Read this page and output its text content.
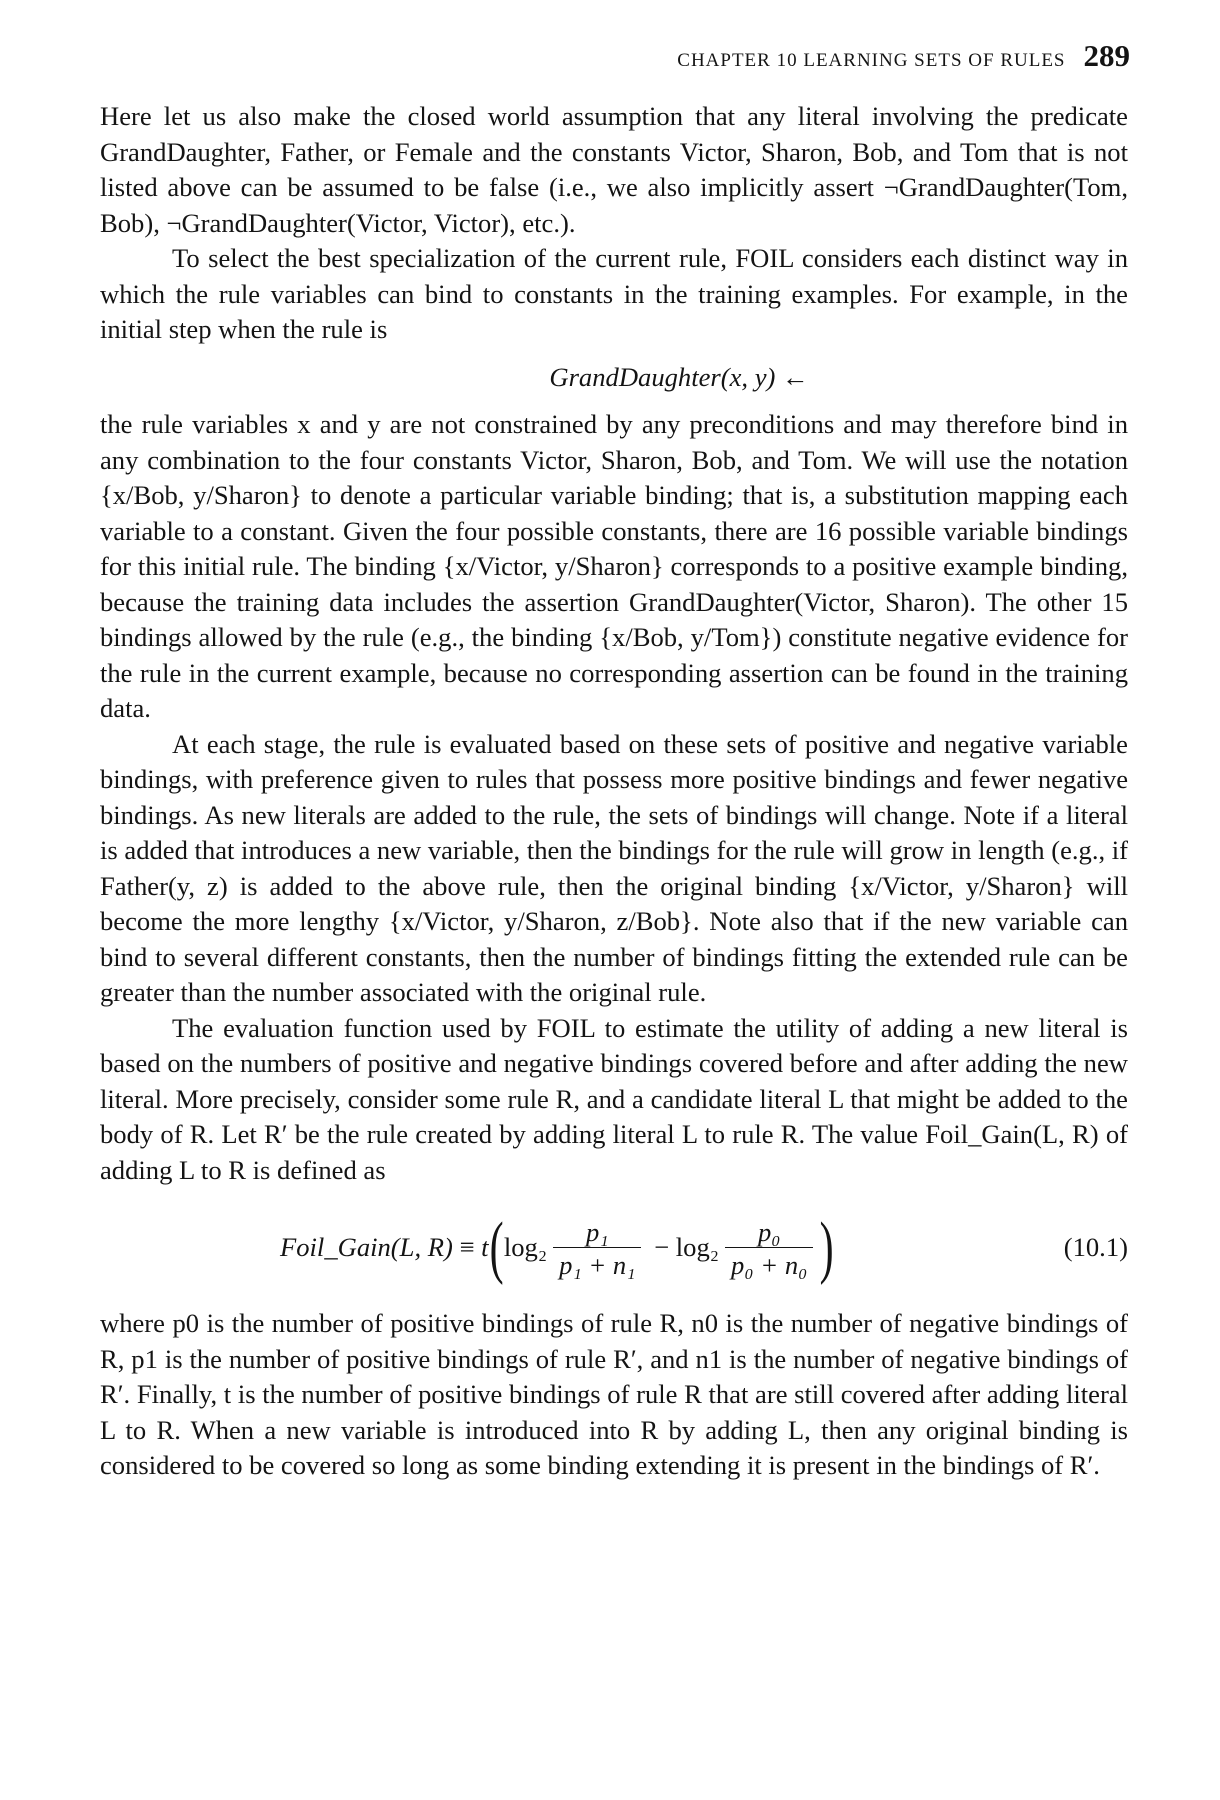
CHAPTER 10 LEARNING SETS OF RULES 289

Here let us also make the closed world assumption that any literal involving the predicate GrandDaughter, Father, or Female and the constants Victor, Sharon, Bob, and Tom that is not listed above can be assumed to be false (i.e., we also implicitly assert ¬GrandDaughter(Tom, Bob), ¬GrandDaughter(Victor, Victor), etc.).

To select the best specialization of the current rule, FOIL considers each distinct way in which the rule variables can bind to constants in the training examples. For example, in the initial step when the rule is

GrandDaughter(x, y) ←

the rule variables x and y are not constrained by any preconditions and may therefore bind in any combination to the four constants Victor, Sharon, Bob, and Tom. We will use the notation {x/Bob, y/Sharon} to denote a particular variable binding; that is, a substitution mapping each variable to a constant. Given the four possible constants, there are 16 possible variable bindings for this initial rule. The binding {x/Victor, y/Sharon} corresponds to a positive example binding, because the training data includes the assertion GrandDaughter(Victor, Sharon). The other 15 bindings allowed by the rule (e.g., the binding {x/Bob, y/Tom}) constitute negative evidence for the rule in the current example, because no corresponding assertion can be found in the training data.

At each stage, the rule is evaluated based on these sets of positive and negative variable bindings, with preference given to rules that possess more positive bindings and fewer negative bindings. As new literals are added to the rule, the sets of bindings will change. Note if a literal is added that introduces a new variable, then the bindings for the rule will grow in length (e.g., if Father(y, z) is added to the above rule, then the original binding {x/Victor, y/Sharon} will become the more lengthy {x/Victor, y/Sharon, z/Bob}. Note also that if the new variable can bind to several different constants, then the number of bindings fitting the extended rule can be greater than the number associated with the original rule.

The evaluation function used by FOIL to estimate the utility of adding a new literal is based on the numbers of positive and negative bindings covered before and after adding the new literal. More precisely, consider some rule R, and a candidate literal L that might be added to the body of R. Let R′ be the rule created by adding literal L to rule R. The value Foil_Gain(L, R) of adding L to R is defined as

Foil_Gain(L, R)
≡
t ( $\log_2 \frac{\text{p₁}}{\text{p₁ + n₁}}$
−
$\log_2 \frac{\text{p₀}}{\text{p₀ + n₀}}$ )	(10.1)

where p0 is the number of positive bindings of rule R, n0 is the number of negative bindings of R, p1 is the number of positive bindings of rule R′, and n1 is the number of negative bindings of R′. Finally, t is the number of positive bindings of rule R that are still covered after adding literal L to R. When a new variable is introduced into R by adding L, then any original binding is considered to be covered so long as some binding extending it is present in the bindings of R′.
